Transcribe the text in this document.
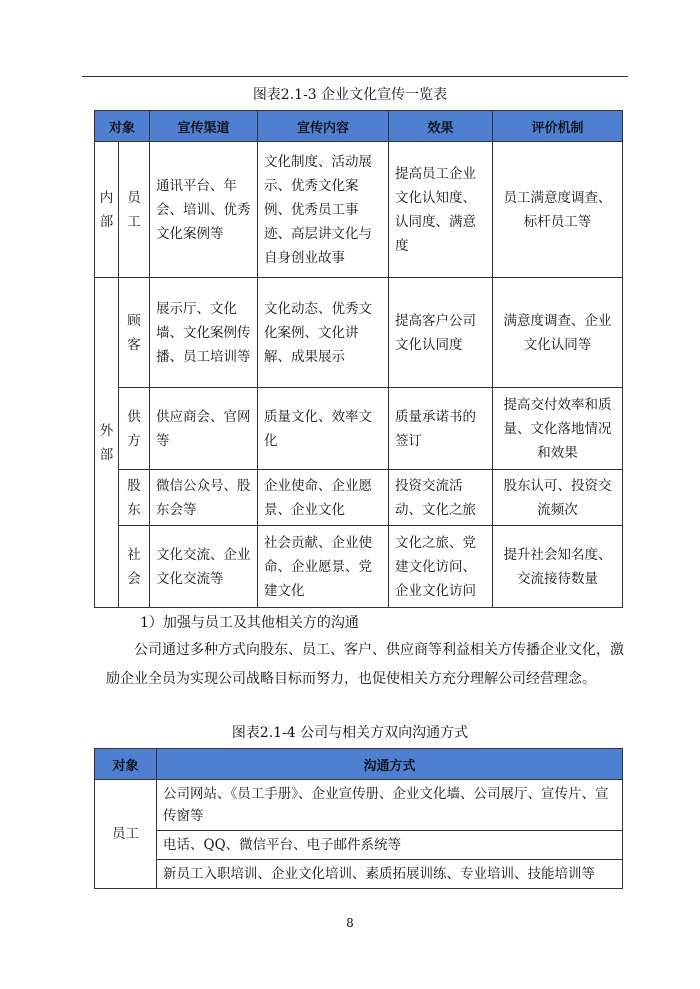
图表2.1-3 企业文化宣传一览表
对象		宣传渠道	宣传内容	效果	评价机制
内部	员工	通讯平台、年会、培训、优秀文化案例等	文化制度、活动展示、优秀文化案例、优秀员工事迹、高层讲文化与自身创业故事	提高员工企业文化认知度、认同度、满意度	员工满意度调查、标杆员工等
外部	顾客	展示厅、文化墙、文化案例传播、员工培训等	文化动态、优秀文化案例、文化讲解、成果展示	提高客户公司文化认同度	满意度调查、企业文化认同等
	供方	供应商会、官网等	质量文化、效率文化	质量承诺书的签订	提高交付效率和质量、文化落地情况和效果
	股东	微信公众号、股东会等	企业使命、企业愿景、企业文化	投资交流活动、文化之旅	股东认可、投资交流频次
	社会	文化交流、企业文化交流等	社会贡献、企业使命、企业愿景、党建文化	文化之旅、党建文化访问、企业文化访问	提升社会知名度、交流接待数量
1）加强与员工及其他相关方的沟通
公司通过多种方式向股东、员工、客户、供应商等利益相关方传播企业文化，激励企业全员为实现公司战略目标而努力，也促使相关方充分理解公司经营理念。
图表2.1-4 公司与相关方双向沟通方式
对象	沟通方式
员工	公司网站、《员工手册》、企业宣传册、企业文化墙、公司展厅、宣传片、宣传窗等
	电话、QQ、微信平台、电子邮件系统等
	新员工入职培训、企业文化培训、素质拓展训练、专业培训、技能培训等
8
